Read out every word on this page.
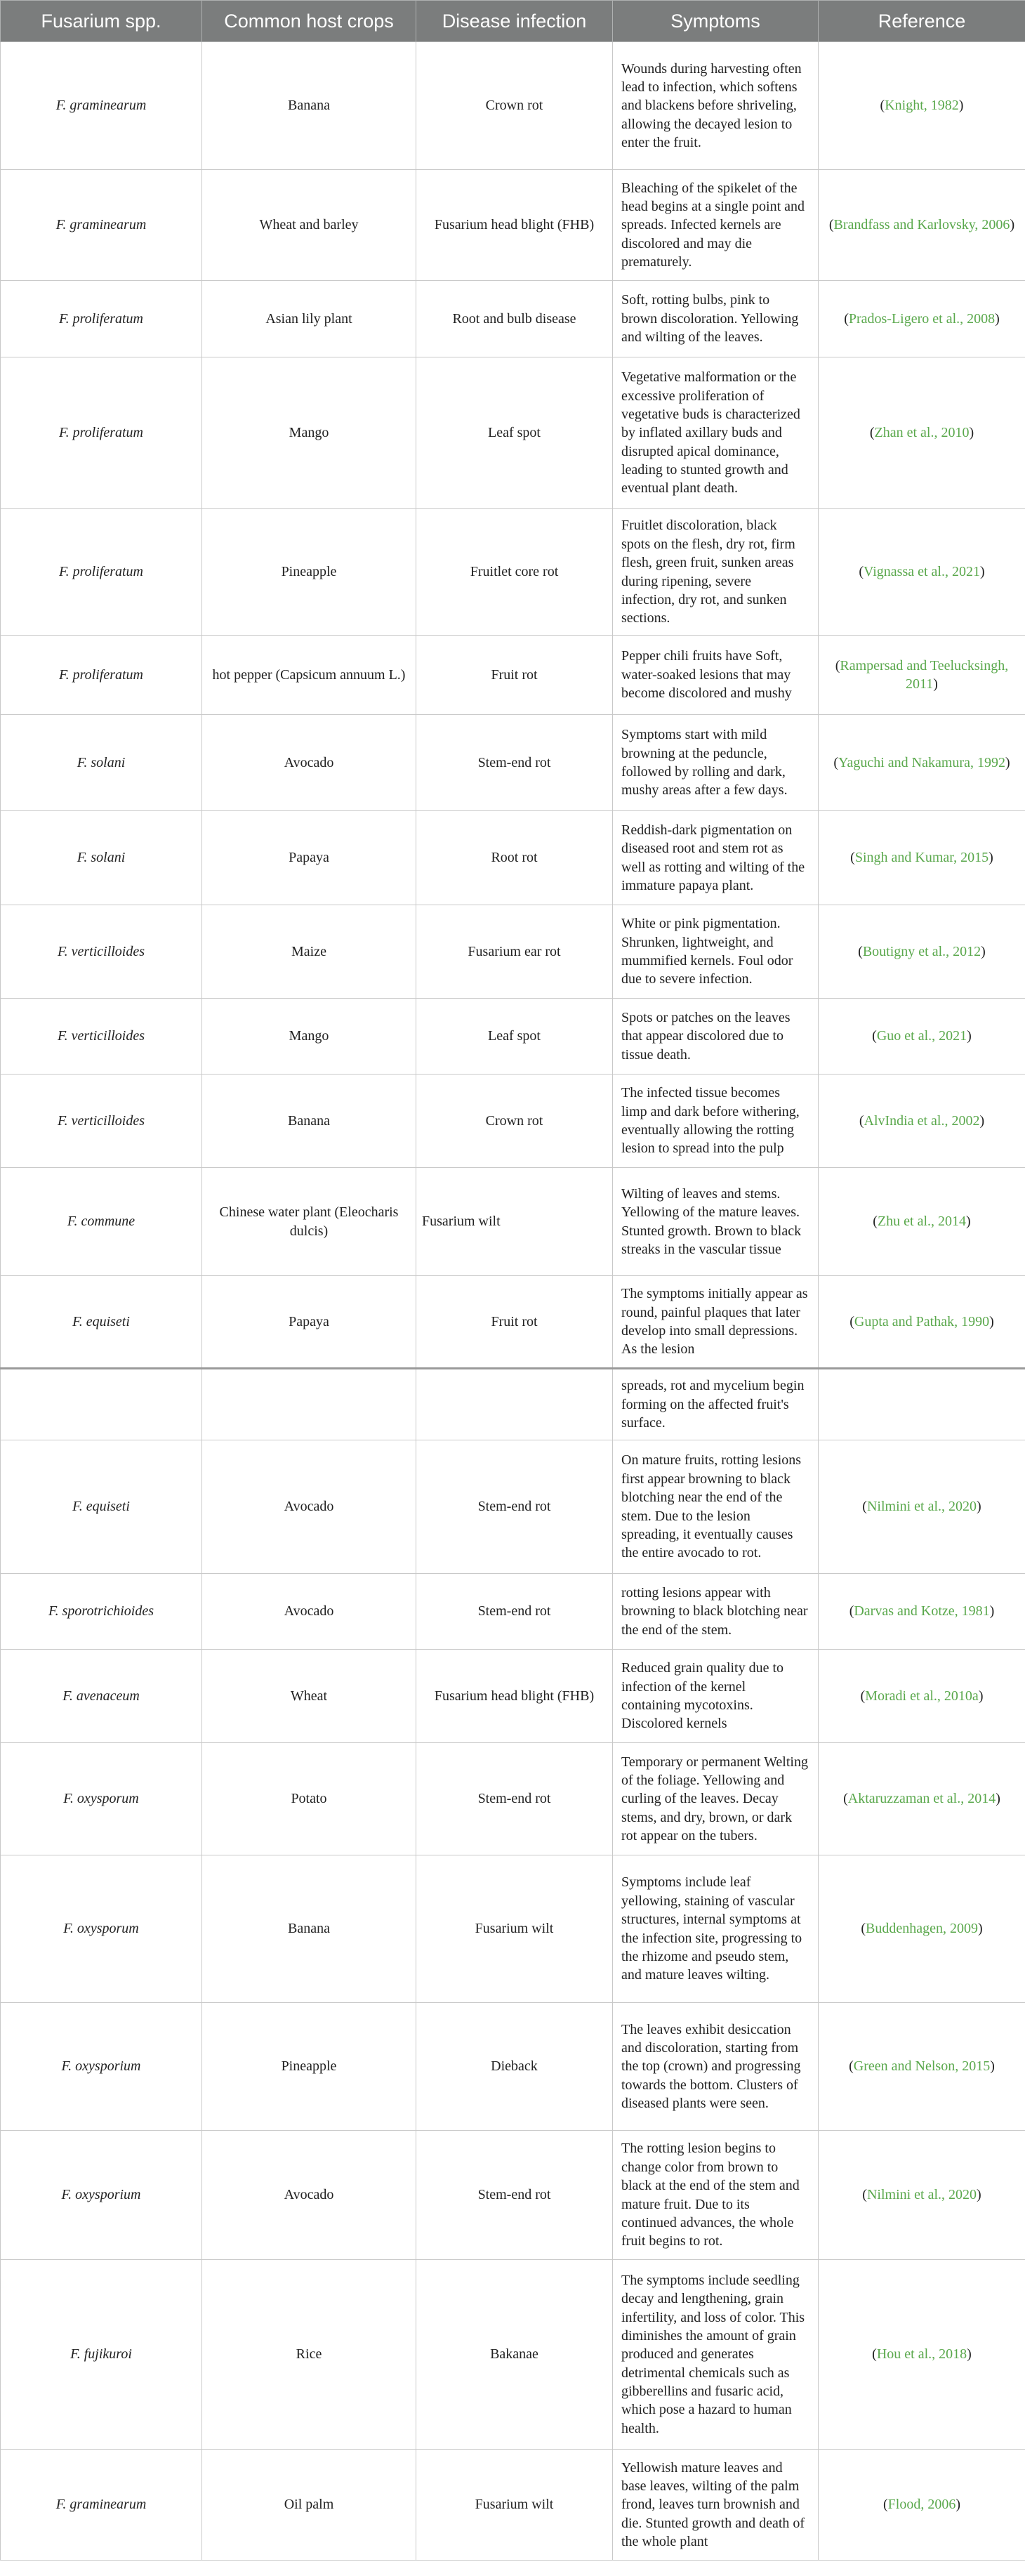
Fusarium spp.	Common host crops	Disease infection	Symptoms	Reference
F. graminearum	Banana	Crown rot	Wounds during harvesting often lead to infection, which softens and blackens before shriveling, allowing the decayed lesion to enter the fruit.	(Knight, 1982)
F. graminearum	Wheat and barley	Fusarium head blight (FHB)	Bleaching of the spikelet of the head begins at a single point and spreads. Infected kernels are discolored and may die prematurely.	(Brandfass and Karlovsky, 2006)
F. proliferatum	Asian lily plant	Root and bulb disease	Soft, rotting bulbs, pink to brown discoloration. Yellowing and wilting of the leaves.	(Prados-Ligero et al., 2008)
F. proliferatum	Mango	Leaf spot	Vegetative malformation or the excessive proliferation of vegetative buds is characterized by inflated axillary buds and disrupted apical dominance, leading to stunted growth and eventual plant death.	(Zhan et al., 2010)
F. proliferatum	Pineapple	Fruitlet core rot	Fruitlet discoloration, black spots on the flesh, dry rot, firm flesh, green fruit, sunken areas during ripening, severe infection, dry rot, and sunken sections.	(Vignassa et al., 2021)
F. proliferatum	hot pepper (Capsicum annuum L.)	Fruit rot	Pepper chili fruits have Soft, water-soaked lesions that may become discolored and mushy	(Rampersad and Teelucksingh, 2011)
F. solani	Avocado	Stem-end rot	Symptoms start with mild browning at the peduncle, followed by rolling and dark, mushy areas after a few days.	(Yaguchi and Nakamura, 1992)
F. solani	Papaya	Root rot	Reddish-dark pigmentation on diseased root and stem rot as well as rotting and wilting of the immature papaya plant.	(Singh and Kumar, 2015)
F. verticilloides	Maize	Fusarium ear rot	White or pink pigmentation. Shrunken, lightweight, and mummified kernels. Foul odor due to severe infection.	(Boutigny et al., 2012)
F. verticilloides	Mango	Leaf spot	Spots or patches on the leaves that appear discolored due to tissue death.	(Guo et al., 2021)
F. verticilloides	Banana	Crown rot	The infected tissue becomes limp and dark before withering, eventually allowing the rotting lesion to spread into the pulp	(AlvIndia et al., 2002)
F. commune	Chinese water plant (Eleocharis dulcis)	Fusarium wilt	Wilting of leaves and stems. Yellowing of the mature leaves. Stunted growth. Brown to black streaks in the vascular tissue	(Zhu et al., 2014)
F. equiseti	Papaya	Fruit rot	The symptoms initially appear as round, painful plaques that later develop into small depressions. As the lesion	(Gupta and Pathak, 1990)
			spreads, rot and mycelium begin forming on the affected fruit's surface.	
F. equiseti	Avocado	Stem-end rot	On mature fruits, rotting lesions first appear browning to black blotching near the end of the stem. Due to the lesion spreading, it eventually causes the entire avocado to rot.	(Nilmini et al., 2020)
F. sporotrichioides	Avocado	Stem-end rot	rotting lesions appear with browning to black blotching near the end of the stem.	(Darvas and Kotze, 1981)
F. avenaceum	Wheat	Fusarium head blight (FHB)	Reduced grain quality due to infection of the kernel containing mycotoxins. Discolored kernels	(Moradi et al., 2010a)
F. oxysporum	Potato	Stem-end rot	Temporary or permanent Welting of the foliage. Yellowing and curling of the leaves. Decay stems, and dry, brown, or dark rot appear on the tubers.	(Aktaruzzaman et al., 2014)
F. oxysporum	Banana	Fusarium wilt	Symptoms include leaf yellowing, staining of vascular structures, internal symptoms at the infection site, progressing to the rhizome and pseudo stem, and mature leaves wilting.	(Buddenhagen, 2009)
F. oxysporium	Pineapple	Dieback	The leaves exhibit desiccation and discoloration, starting from the top (crown) and progressing towards the bottom. Clusters of diseased plants were seen.	(Green and Nelson, 2015)
F. oxysporium	Avocado	Stem-end rot	The rotting lesion begins to change color from brown to black at the end of the stem and mature fruit. Due to its continued advances, the whole fruit begins to rot.	(Nilmini et al., 2020)
F. fujikuroi	Rice	Bakanae	The symptoms include seedling decay and lengthening, grain infertility, and loss of color. This diminishes the amount of grain produced and generates detrimental chemicals such as gibberellins and fusaric acid, which pose a hazard to human health.	(Hou et al., 2018)
F. graminearum	Oil palm	Fusarium wilt	Yellowish mature leaves and base leaves, wilting of the palm frond, leaves turn brownish and die. Stunted growth and death of the whole plant	(Flood, 2006)
